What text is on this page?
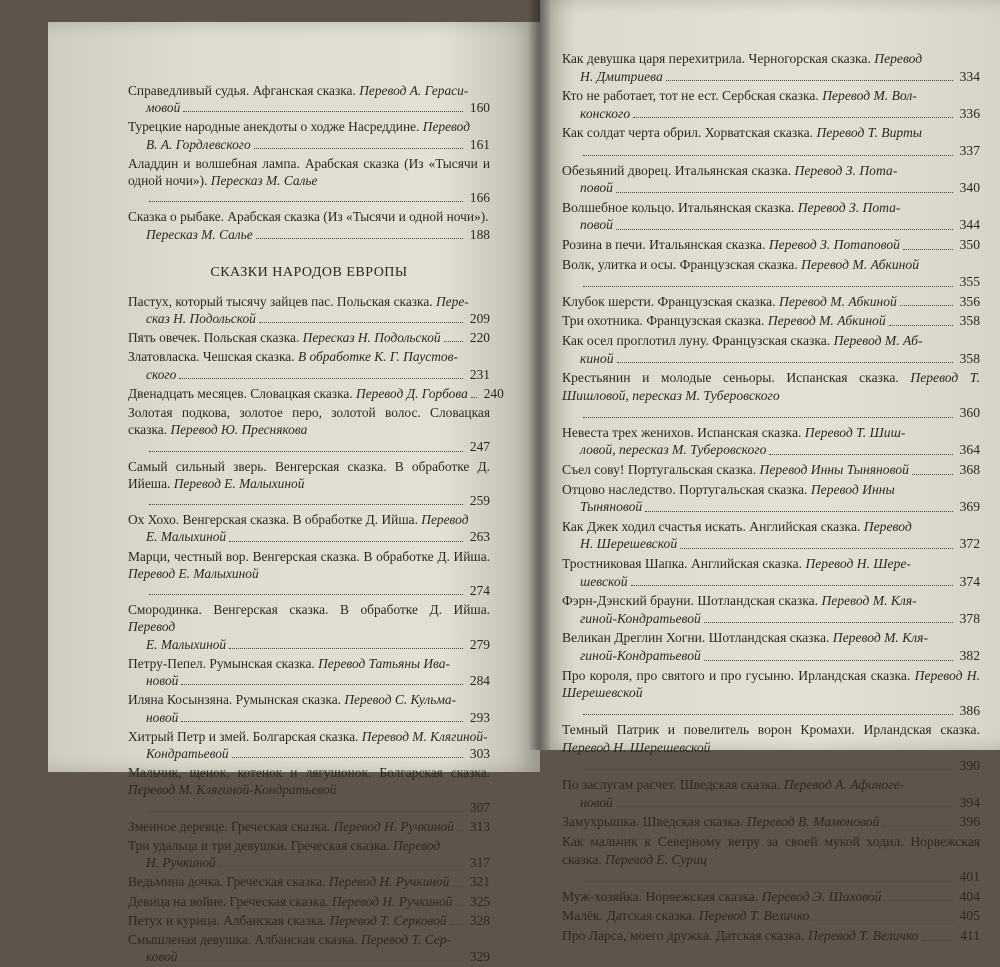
Справедливый судья. Афганская сказка. Перевод А. Гераси-
мовой	160
Турецкие народные анекдоты о ходже Насреддине. Перевод
В. А. Гордлевского	161
Аладдин и волшебная лампа. Арабская сказка (Из «Тысячи и одной ночи»). Пересказ М. Салье
166
Сказка о рыбаке. Арабская сказка (Из «Тысячи и одной ночи»).
Пересказ М. Салье	188
СКАЗКИ НАРОДОВ ЕВРОПЫ
Пастух, который тысячу зайцев пас. Польская сказка. Пере-
сказ Н. Подольской	209
Пять овечек. Польская сказка. Пересказ Н. Подольской 220
Златовласка. Чешская сказка. В обработке К. Г. Паустов-
ского	231
Двенадцать месяцев. Словацкая сказка. Перевод Д. Горбова 240
Золотая подкова, золотое перо, золотой волос. Словацкая сказка. Перевод Ю. Преснякова
247
Самый сильный зверь. Венгерская сказка. В обработке Д. Ийеша. Перевод Е. Малыхиной
259
Ох Хохо. Венгерская сказка. В обработке Д. Ийша. Перевод
Е. Малыхиной	263
Марци, честный вор. Венгерская сказка. В обработке Д. Ийша. Перевод Е. Малыхиной
274
Смородинка. Венгерская сказка. В обработке Д. Ийша. Перевод
Е. Малыхиной	279
Петру-Пепел. Румынская сказка. Перевод Татьяны Ива-
новой	284
Иляна Косынзяна. Румынская сказка. Перевод С. Кульма-
новой	293
Хитрый Петр и змей. Болгарская сказка. Перевод М. Клягиной-
Кондратьевой	303
Мальчик, щенок, котенок и лягушонок. Болгарская сказка. Перевод М. Клягиной-Кондратьевой
307
Змеиное деревце. Греческая сказка. Перевод Н. Ручкиной 313
Три удальца и три девушки. Греческая сказка. Перевод
Н. Ручкиной	317
Ведьмина дочка. Греческая сказка. Перевод Н. Ручкиной 321
Девица на войне. Греческая сказка. Перевод Н. Ручкиной 325
Петух и курица. Албанская сказка. Перевод Т. Серковой 328
Смышленая девушка. Албанская сказка. Перевод Т. Сер-
ковой	329
Как девушка царя перехитрила. Черногорская сказка. Перевод
Н. Дмитриева	334
Кто не работает, тот не ест. Сербская сказка. Перевод М. Вол-
конского	336
Как солдат черта обрил. Хорватская сказка. Перевод Т. Вирты
337
Обезьяний дворец. Итальянская сказка. Перевод З. Пота-
повой	340
Волшебное кольцо. Итальянская сказка. Перевод З. Пота-
повой	344
Розина в печи. Итальянская сказка. Перевод З. Потаповой	350
Волк, улитка и осы. Французская сказка. Перевод М. Абкиной
355
Клубок шерсти. Французская сказка. Перевод М. Абкиной	356
Три охотника. Французская сказка. Перевод М. Абкиной	358
Как осел проглотил луну. Французская сказка. Перевод М. Аб-
киной	358
Крестьянин и молодые сеньоры. Испанская сказка. Перевод Т. Шишловой, пересказ М. Туберовского
360
Невеста трех женихов. Испанская сказка. Перевод Т. Шиш-
ловой, пересказ М. Туберовского	364
Съел сову! Португальская сказка. Перевод Инны Тыняновой	368
Отцово наследство. Португальская сказка. Перевод Инны
Тыняновой	369
Как Джек ходил счастья искать. Английская сказка. Перевод
Н. Шерешевской	372
Тростниковая Шапка. Английская сказка. Перевод Н. Шере-
шевской	374
Фэрн-Дэнский брауни. Шотландская сказка. Перевод М. Кля-
гиной-Кондратьевой	378
Великан Дреглин Хогни. Шотландская сказка. Перевод М. Кля-
гиной-Кондратьевой	382
Про короля, про святого и про гусыню. Ирландская сказка. Перевод Н. Шерешевской
386
Темный Патрик и повелитель ворон Кромахи. Ирландская сказка. Перевод Н. Шерешевской
390
По заслугам расчет. Шведская сказка. Перевод А. Афиноге-
новой	394
Замухрышка. Шведская сказка. Перевод В. Мамоновой	396
Как мальчик к Северному ветру за своей мукой ходил. Норвежская сказка. Перевод Е. Суриц
401
Муж-хозяйка. Норвежская сказка. Перевод Э. Шаховой	404
Малёк. Датская сказка. Перевод Т. Величко	405
Про Ларса, моего дружка. Датская сказка. Перевод Т. Величко	411
